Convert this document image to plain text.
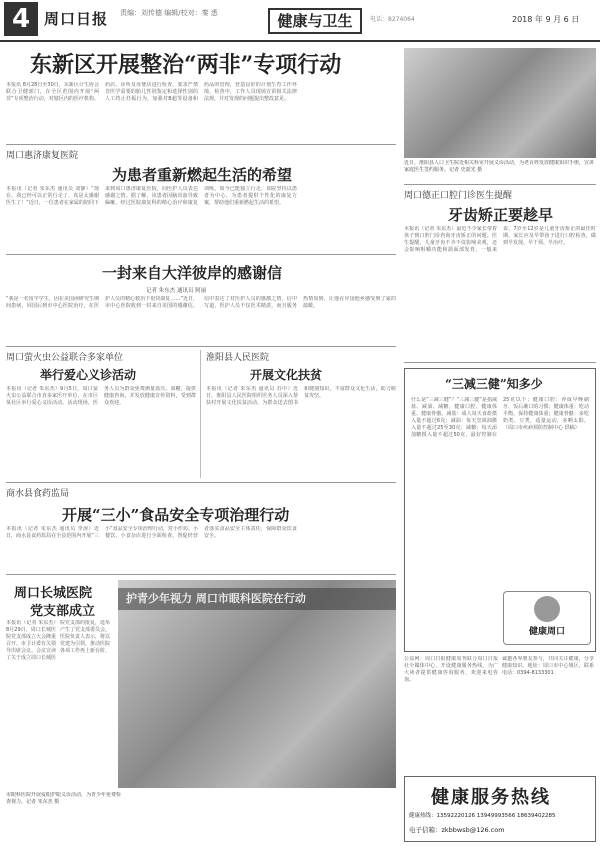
4 周口日报 责编：刘传德 编辑/校对：秦 悉	健康与卫生	电话：8274064	2018 年 9 月 6 日
东新区开展整治“两非”专项行动
本报讯 8月28日至30日，东新区计生协会联合卫健部门，在全区范围内开展“两非”专项整治行动，对辖区内的医疗机构、药店、诊所及母婴店进行检查，要求严禁非医学需要的胎儿性别鉴定和选择性别的人工终止妊娠行为，加强对B超等设备和药品的管理，营造良好的计划生育工作环境。检查中，工作人员现场宣讲相关法律法规，并对发现的问题提出整改意见。
近日，淮阳县人口卫生院近相关科室开展义诊活动，为老百姓发放健康知识手册，宣讲家庭医生签约服务。记者 史韶光 摄
周口惠济康复医院
为患者重新燃起生活的希望
本报讯（记者 朱东杰 通讯员 刘静）“现在，我已经可以正常行走了，真是太感谢医生了！”近日，一位患者在家属的陪同下来到周口惠济康复医院，向医护人员表达感谢之情。据了解，该患者因脑出血导致偏瘫，经过医院康复科的精心治疗和康复训练，如今已能独立行走。该院坚持以患者为中心，为患者提供个性化的康复方案，帮助他们重新燃起生活的希望。
周口德正口腔门诊医生提醒
牙齿矫正要趁早
本报讯（记者 朱东杰）最近不少家长带着孩子到口腔门诊咨询牙齿矫正的问题。医生提醒，儿童牙齿不齐不仅影响美观，还会影响咀嚼功能和颌面部发育。一般来说，7岁至12岁是儿童牙齿矫正的最佳时期，家长应及早带孩子进行口腔检查，做到早发现、早干预、早治疗。
一封来自大洋彼岸的感谢信
记者 朱东杰 通讯员 阿丽
“我是一名留学学生，因在美国读研究生期间患病，回国后到市中心医院治疗，在医护人员的精心救治下很快康复……”近日，市中心医院收到一封来自美国的感谢信，信中表达了对医护人员的感激之情。信中写道，医护人员不仅医术精湛，而且服务热情周到，让他在异国他乡感受到了家的温暖。
周口萤火虫公益联合多家单位
举行爱心义诊活动
本报讯（记者 朱东杰）9月5日，周口萤火虫公益联合市直多家医疗单位，在市区某社区举行爱心义诊活动。活动现场，医务人员为群众免费测量血压、血糖，提供健康咨询，并发放健康宣传资料，受到群众欢迎。
淮阳县人民医院
开展文化扶贫
本报讯（记者 朱东杰 通讯员 苏中）近日，淮阳县人民医院组织医务人员深入帮扶村开展文化扶贫活动，为群众送去图书和健康知识，丰富群众文化生活，助力脱贫攻坚。
“三减三健”知多少
什么是“三减三健”？“三减三健”是指减盐、减油、减糖，健康口腔、健康体重、健康骨骼。减盐：成人每天食盐摄入量不超过6克；减油：每天烹调油摄入量不超过25至30克；减糖：每天添加糖摄入量不超过50克，最好控制在25克以下；健康口腔：养成早晚刷牙、饭后漱口的习惯；健康体重：吃动平衡，保持健康体重；健康骨骼：多吃奶类、豆类，适量运动，多晒太阳。（周口市疾病预防控制中心 供稿）
健康周口
商水县食药监局
开展“三小”食品安全专项治理行动
本报讯（记者 朱东杰 通讯员 李涛）近日，商水县食药监局在全县范围内开展“三小”食品安全专项治理行动，对小作坊、小餐饮、小食杂店进行全面检查，督促经营者落实食品安全主体责任，保障群众饮食安全。
周口长城医院
党支部成立
本报讯（记者 朱东杰）8月29日，周口长城医院党支部成立大会隆重召开。市卫计委有关领导出席会议。会议宣读了关于成立周口长城医院党支部的批复，选举产生了党支部委员会。医院负责人表示，将以党建为引领，推动医院各项工作再上新台阶。
护青少年视力 周口市眼科医院在行动
市眼科医院开展爱眼护眼义诊活动，为青少年免费检查视力。记者 朱东杰 摄
公益网：周口日报健康周刊联合周口日报社全媒体中心，开设健康服务热线，为广大读者提供健康咨询服务，欢迎来电咨询。
诚邀各界朋友参与，共同关注健康，分享健康知识。地址：周口市中心城区，联系电话：0394-8133301
健康服务热线
健康热线：13592220126 13949993566 18639402285
电子信箱：zkbbwsb@126.com
